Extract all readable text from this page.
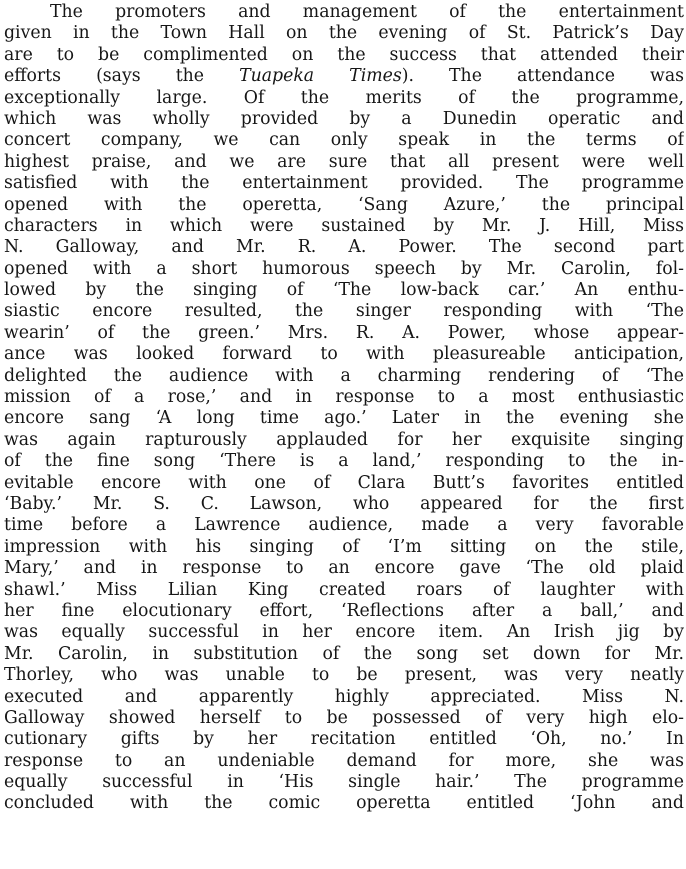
The promoters and management of the entertainment
given in the Town Hall on the evening of St. Patrick’s Day
are to be complimented on the success that attended their
efforts (says the Tuapeka Times). The attendance was
exceptionally large. Of the merits of the programme,
which was wholly provided by a Dunedin operatic and
concert company, we can only speak in the terms of
highest praise, and we are sure that all present were well
satisfied with the entertainment provided. The programme
opened with the operetta, ‘Sang Azure,’ the principal
characters in which were sustained by Mr. J. Hill, Miss
N. Galloway, and Mr. R. A. Power. The second part
opened with a short humorous speech by Mr. Carolin, fol-
lowed by the singing of ‘The low-back car.’ An enthu-
siastic encore resulted, the singer responding with ‘The
wearin’ of the green.’ Mrs. R. A. Power, whose appear-
ance was looked forward to with pleasureable anticipation,
delighted the audience with a charming rendering of ‘The
mission of a rose,’ and in response to a most enthusiastic
encore sang ‘A long time ago.’ Later in the evening she
was again rapturously applauded for her exquisite singing
of the fine song ‘There is a land,’ responding to the in-
evitable encore with one of Clara Butt’s favorites entitled
‘Baby.’ Mr. S. C. Lawson, who appeared for the first
time before a Lawrence audience, made a very favorable
impression with his singing of ‘I’m sitting on the stile,
Mary,’ and in response to an encore gave ‘The old plaid
shawl.’ Miss Lilian King created roars of laughter with
her fine elocutionary effort, ‘Reflections after a ball,’ and
was equally successful in her encore item. An Irish jig by
Mr. Carolin, in substitution of the song set down for Mr.
Thorley, who was unable to be present, was very neatly
executed and apparently highly appreciated. Miss N.
Galloway showed herself to be possessed of very high elo-
cutionary gifts by her recitation entitled ‘Oh, no.’ In
response to an undeniable demand for more, she was
equally successful in ‘His single hair.’ The programme
concluded with the comic operetta entitled ‘John and
